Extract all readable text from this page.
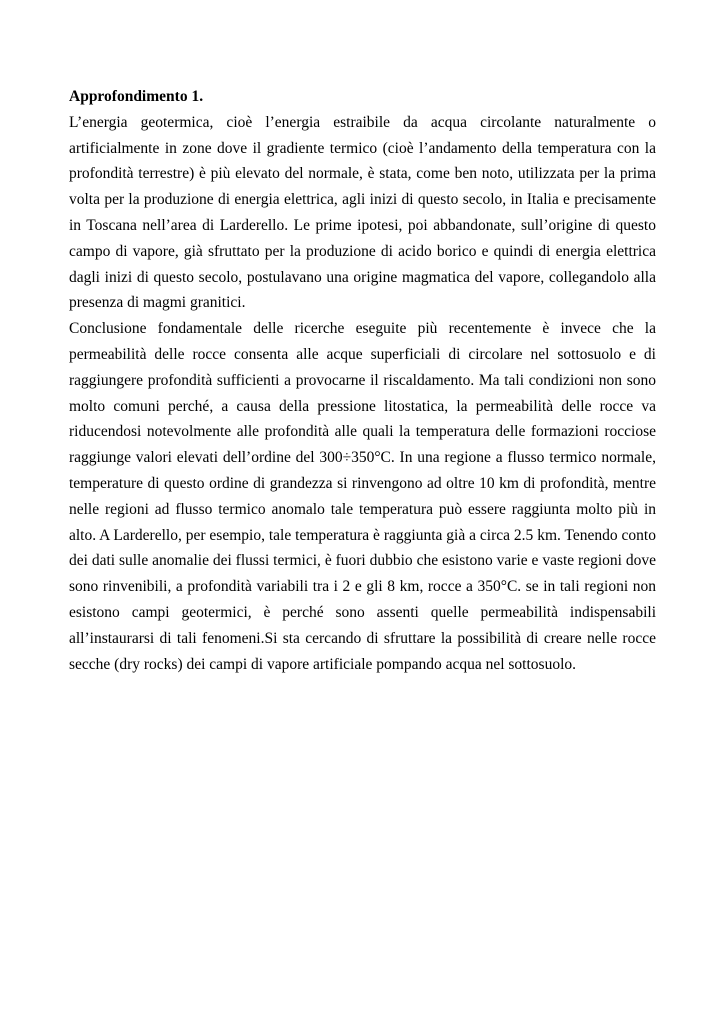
Approfondimento 1.

L’energia geotermica, cioè l’energia estraibile da acqua circolante naturalmente o artificialmente in zone dove il gradiente termico (cioè l’andamento della temperatura con la profondità terrestre) è più elevato del normale, è stata, come ben noto, utilizzata per la prima volta per la produzione di energia elettrica, agli inizi di questo secolo, in Italia e precisamente in Toscana nell’area di Larderello. Le prime ipotesi, poi abbandonate, sull’origine di questo campo di vapore, già sfruttato per la produzione di acido borico e quindi di energia elettrica dagli inizi di questo secolo, postulavano una origine magmatica del vapore, collegandolo alla presenza di magmi granitici.

Conclusione fondamentale delle ricerche eseguite più recentemente è invece che la permeabilità delle rocce consenta alle acque superficiali di circolare nel sottosuolo e di raggiungere profondità sufficienti a provocarne il riscaldamento. Ma tali condizioni non sono molto comuni perché, a causa della pressione litostatica, la permeabilità delle rocce va riducendosi notevolmente alle profondità alle quali la temperatura delle formazioni rocciose raggiunge valori elevati dell’ordine del 300÷350°C. In una regione a flusso termico normale, temperature di questo ordine di grandezza si rinvengono ad oltre 10 km di profondità, mentre nelle regioni ad flusso termico anomalo tale temperatura può essere raggiunta molto più in alto. A Larderello, per esempio, tale temperatura è raggiunta già a circa 2.5 km. Tenendo conto dei dati sulle anomalie dei flussi termici, è fuori dubbio che esistono varie e vaste regioni dove sono rinvenibili, a profondità variabili tra i 2 e gli 8 km, rocce a 350°C. se in tali regioni non esistono campi geotermici, è perché sono assenti quelle permeabilità indispensabili all’instaurarsi di tali fenomeni.Si sta cercando di sfruttare la possibilità di creare nelle rocce secche (dry rocks) dei campi di vapore artificiale pompando acqua nel sottosuolo.
